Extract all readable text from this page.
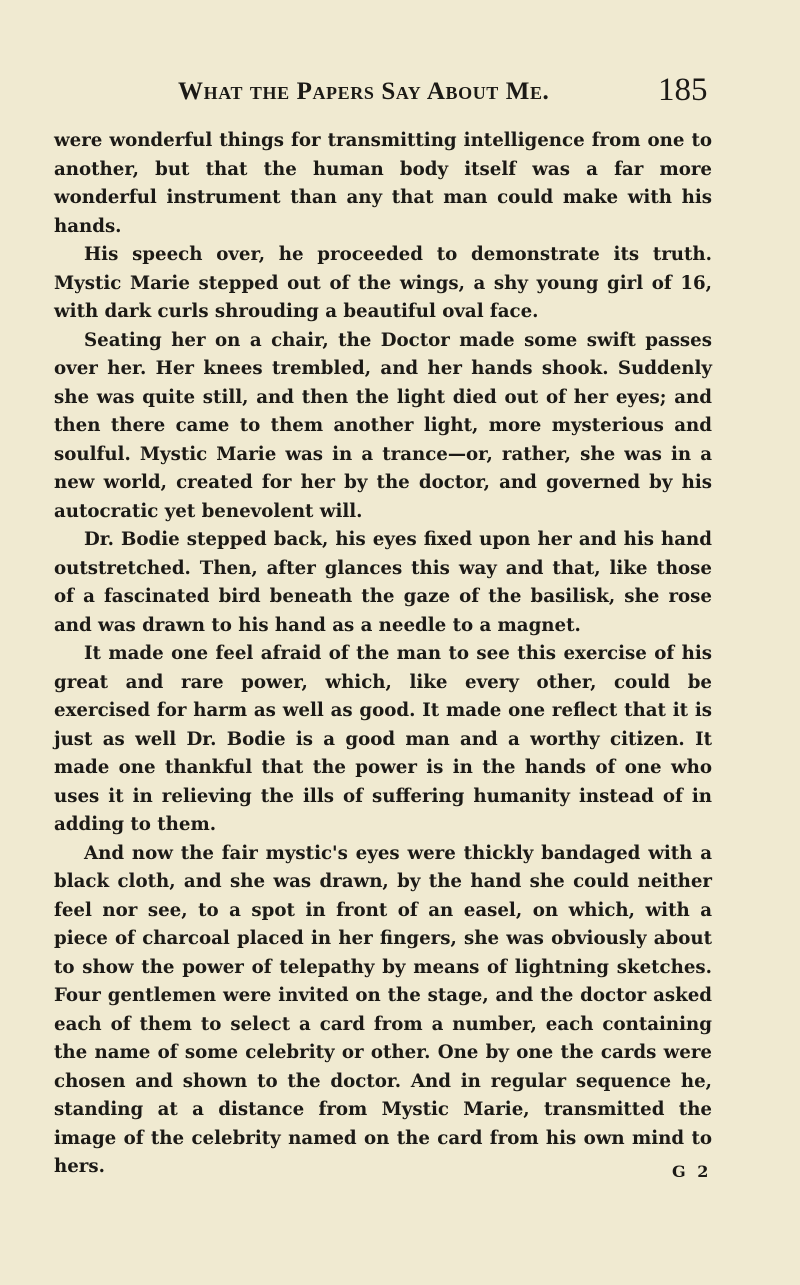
What the Papers Say About Me.	185

were wonderful things for transmitting intelligence from one to another, but that the human body itself was a far more wonderful instrument than any that man could make with his hands.

His speech over, he proceeded to demonstrate its truth. Mystic Marie stepped out of the wings, a shy young girl of 16, with dark curls shrouding a beautiful oval face.

Seating her on a chair, the Doctor made some swift passes over her. Her knees trembled, and her hands shook. Suddenly she was quite still, and then the light died out of her eyes; and then there came to them another light, more mysterious and soulful. Mystic Marie was in a trance—or, rather, she was in a new world, created for her by the doctor, and governed by his autocratic yet benevolent will.

Dr. Bodie stepped back, his eyes fixed upon her and his hand outstretched. Then, after glances this way and that, like those of a fascinated bird beneath the gaze of the basilisk, she rose and was drawn to his hand as a needle to a magnet.

It made one feel afraid of the man to see this exercise of his great and rare power, which, like every other, could be exercised for harm as well as good. It made one reflect that it is just as well Dr. Bodie is a good man and a worthy citizen. It made one thankful that the power is in the hands of one who uses it in relieving the ills of suffering humanity instead of in adding to them.

And now the fair mystic's eyes were thickly bandaged with a black cloth, and she was drawn, by the hand she could neither feel nor see, to a spot in front of an easel, on which, with a piece of charcoal placed in her fingers, she was obviously about to show the power of telepathy by means of lightning sketches. Four gentlemen were invited on the stage, and the doctor asked each of them to select a card from a number, each containing the name of some celebrity or other. One by one the cards were chosen and shown to the doctor. And in regular sequence he, standing at a distance from Mystic Marie, transmitted the image of the celebrity named on the card from his own mind to hers.	G 2
